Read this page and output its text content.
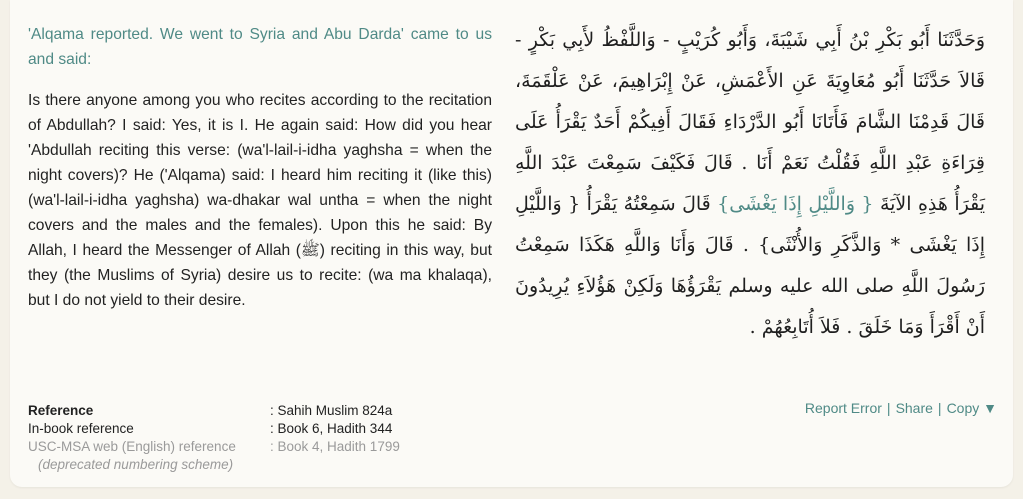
'Alqama reported. We went to Syria and Abu Darda' came to us and said:

Is there anyone among you who recites according to the recitation of Abdullah? I said: Yes, it is I. He again said: How did you hear 'Abdullah reciting this verse: (wa'l-lail-i-idha yaghsha = when the night covers)? He ('Alqama) said: I heard him reciting it (like this) (wa'l-lail-i-idha yaghsha) wa-dhakar wal untha = when the night covers and the males and the females). Upon this he said: By Allah, I heard the Messenger of Allah (ﷺ) reciting in this way, but they (the Muslims of Syria) desire us to recite: (wa ma khalaqa), but I do not yield to their desire.

وَحَدَّثَنَا أَبُو بَكْرِ بْنُ أَبِي شَيْبَةَ، وَأَبُو كُرَيْبٍ - وَاللَّفْظُ لأَبِي بَكْرٍ - قَالاَ حَدَّثَنَا أَبُو مُعَاوِيَةَ عَنِ الأَعْمَشِ، عَنْ إِبْرَاهِيمَ، عَنْ عَلْقَمَةَ، قَالَ قَدِمْنَا الشَّامَ فَأَتَانَا أَبُو الدَّرْدَاءِ فَقَالَ أَفِيكُمْ أَحَدٌ يَقْرَأُ عَلَى قِرَاءَةِ عَبْدِ اللَّهِ فَقُلْتُ نَعَمْ أَنَا . قَالَ فَكَيْفَ سَمِعْتَ عَبْدَ اللَّهِ يَقْرَأُ هَذِهِ الآيَةَ { وَاللَّيْلِ إِذَا يَغْشَى} قَالَ سَمِعْتُهُ يَقْرَأُ { وَاللَّيْلِ إِذَا يَغْشَى * وَالذَّكَرِ وَالأُنْثَى} . قَالَ وَأَنَا وَاللَّهِ هَكَذَا سَمِعْتُ رَسُولَ اللَّهِ صلى الله عليه وسلم يَقْرَؤُهَا وَلَكِنْ هَؤُلاَءِ يُرِيدُونَ أَنْ أَقْرَأَ وَمَا خَلَقَ . فَلاَ أُتَابِعُهُمْ .
Reference	: Sahih Muslim 824a
In-book reference	: Book 6, Hadith 344
USC-MSA web (English) reference	: Book 4, Hadith 1799
(deprecated numbering scheme)
Report Error | Share | Copy ▼
